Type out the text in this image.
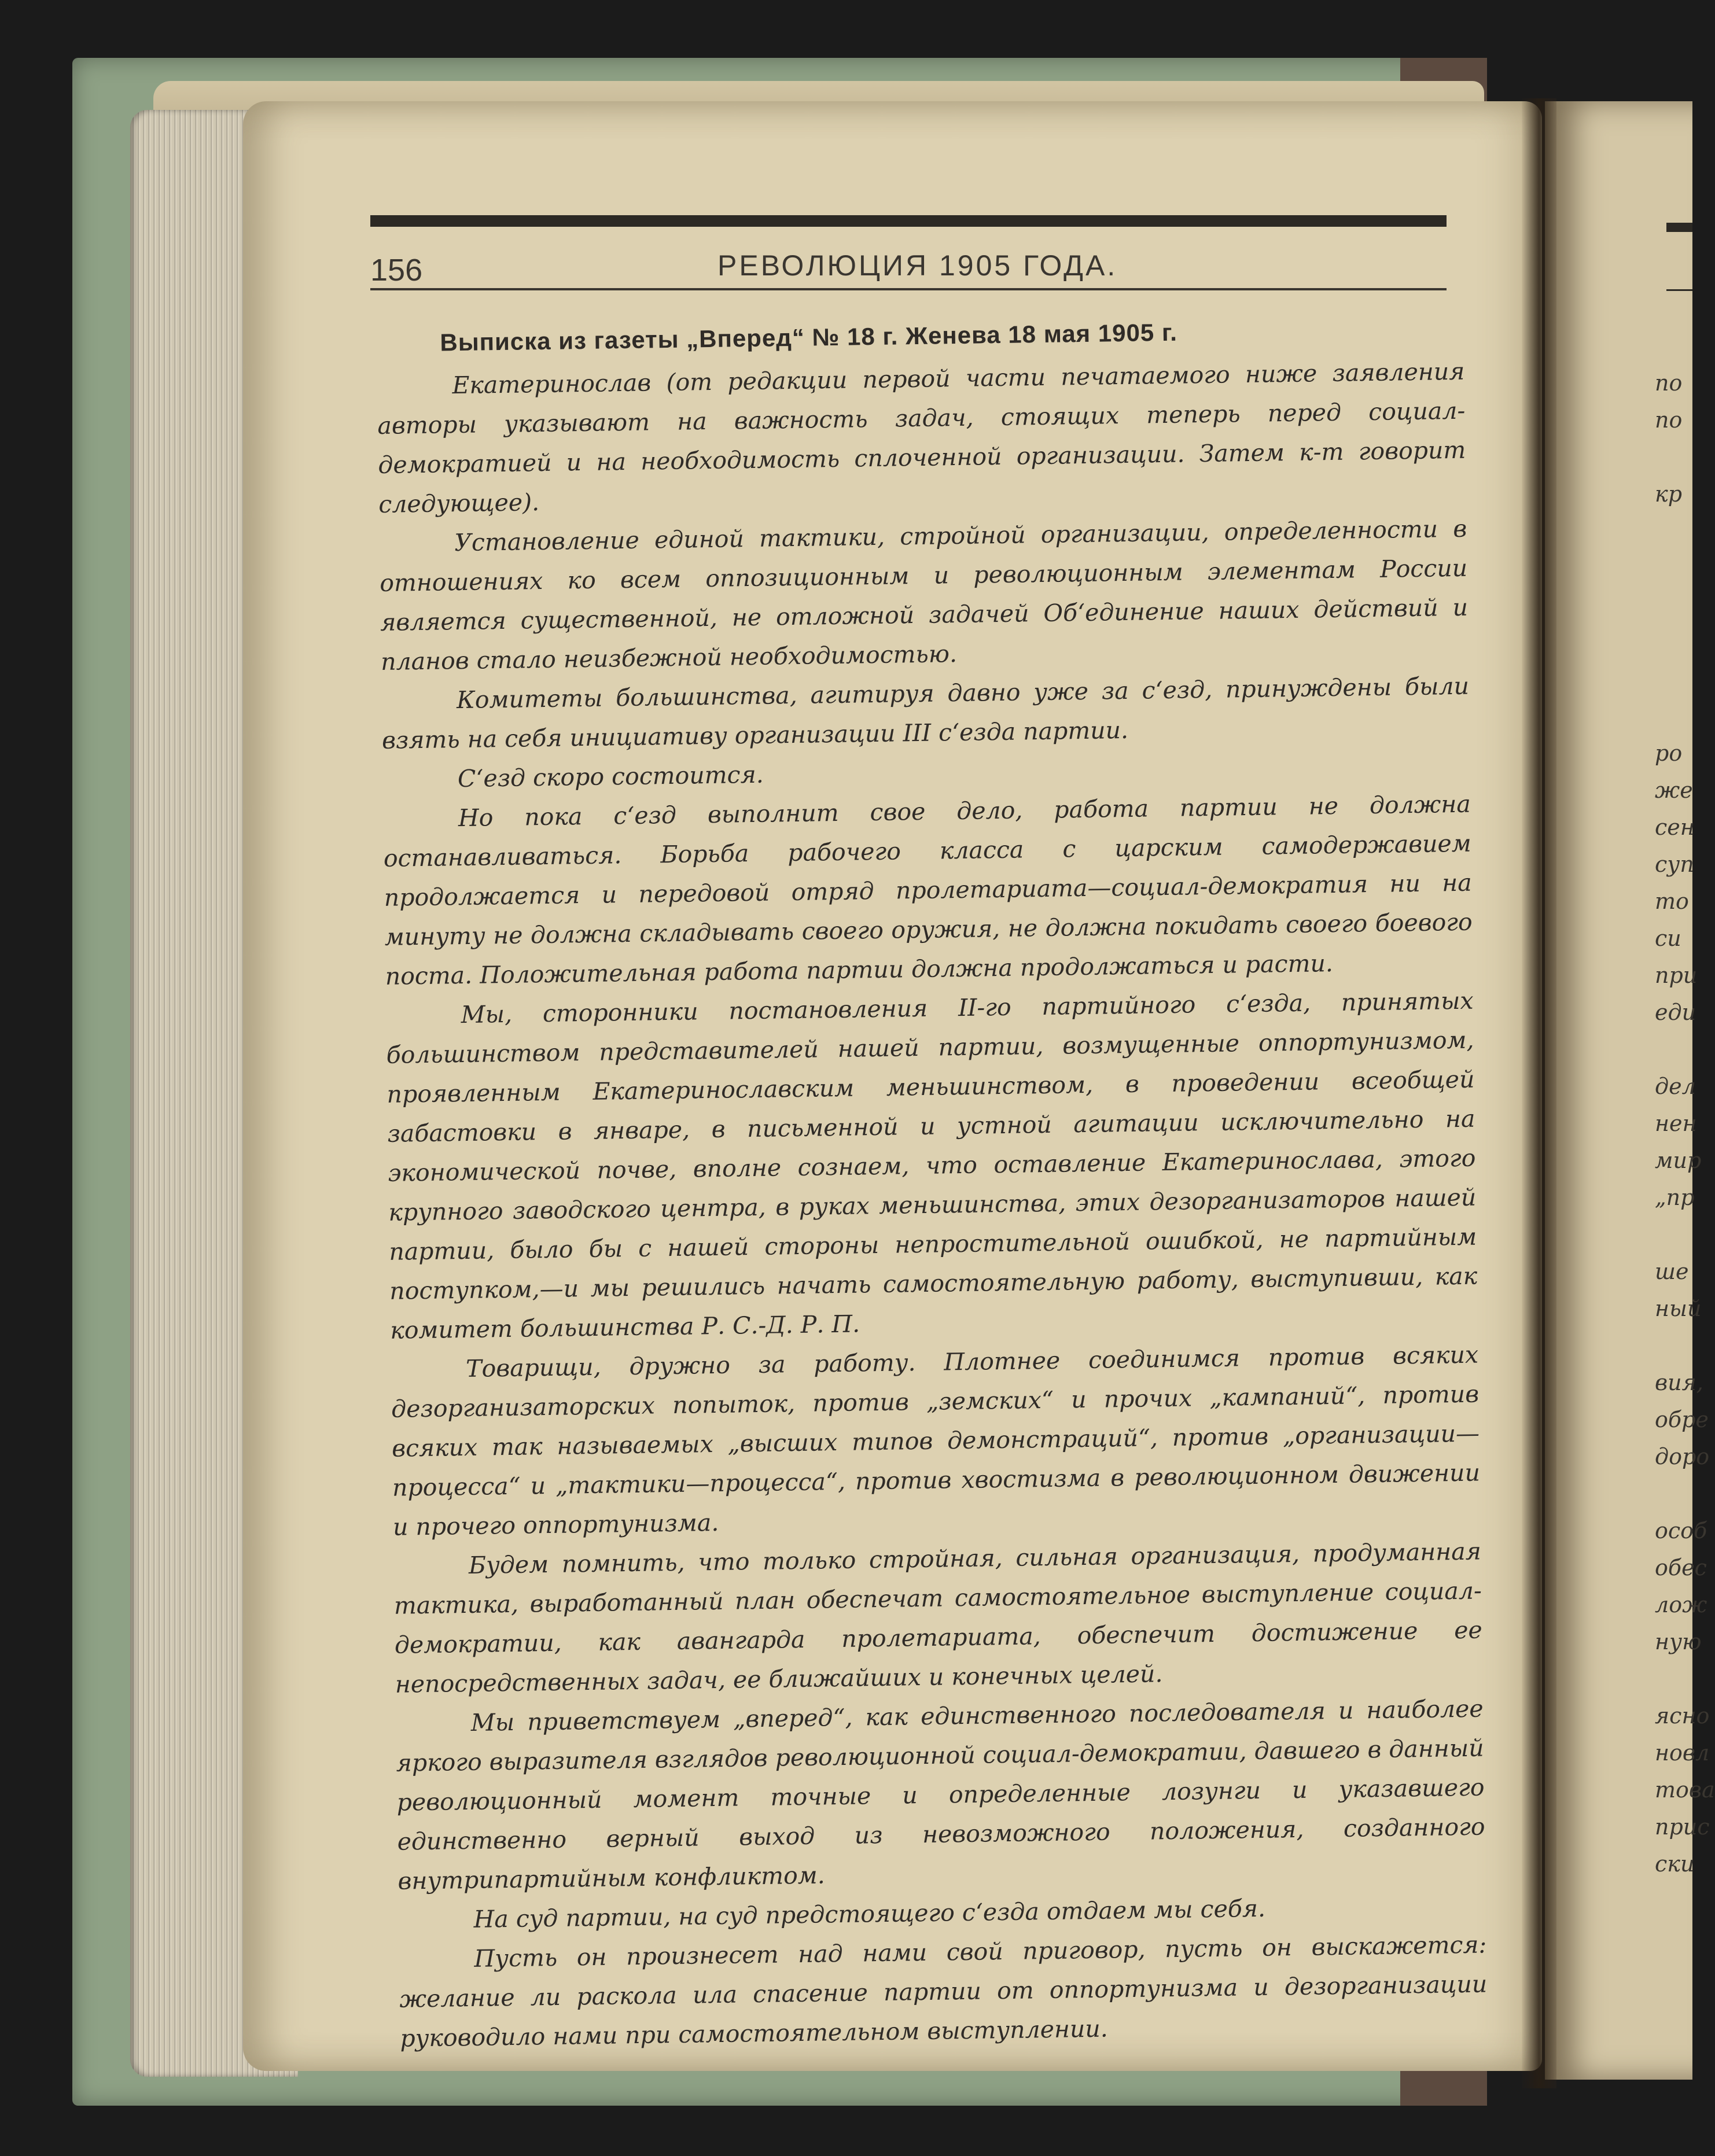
156	РЕВОЛЮЦИЯ 1905 ГОДА.

Выписка из газеты „Вперед“ № 18 г. Женева 18 мая 1905 г.

Екатеринослав (от редакции первой части печатаемого ниже заявления авторы указывают на важность задач, стоящих теперь перед социал-демократией и на необходимость сплоченной организации. Затем к-т говорит следующее).

Установление единой тактики, стройной организации, определенности в отношениях ко всем оппозиционным и революционным элементам России является существенной, не отложной задачей Об‘единение наших действий и планов стало неизбежной необходимостью.

Комитеты большинства, агитируя давно уже за с‘езд, принуждены были взять на себя инициативу организации III с‘езда партии.

С‘езд скоро состоится.

Но пока с‘езд выполнит свое дело, работа партии не должна останавливаться. Борьба рабочего класса с царским самодержавием продолжается и передовой отряд пролетариата—социал-демократия ни на минуту не должна складывать своего оружия, не должна покидать своего боевого поста. Положительная работа партии должна продолжаться и расти.

Мы, сторонники постановления II-го партийного с‘езда, принятых большинством представителей нашей партии, возмущенные оппортунизмом, проявленным Екатеринославским меньшинством, в проведении всеобщей забастовки в январе, в письменной и устной агитации исключительно на экономической почве, вполне сознаем, что оставление Екатеринослава, этого крупного заводского центра, в руках меньшинства, этих дезорганизаторов нашей партии, было бы с нашей стороны непростительной ошибкой, не партийным поступком,—и мы решились начать самостоятельную работу, выступивши, как комитет большинства Р. С.-Д. Р. П.

Товарищи, дружно за работу. Плотнее соединимся против всяких дезорганизаторских попыток, против „земских“ и прочих „кампаний“, против всяких так называемых „высших типов демонстраций“, против „организации—процесса“ и „тактики—процесса“, против хвостизма в революционном движении и прочего оппортунизма.

Будем помнить, что только стройная, сильная организация, продуманная тактика, выработанный план обеспечат самостоятельное выступление социал-демократии, как авангарда пролетариата, обеспечит достижение ее непосредственных задач, ее ближайших и конечных целей.

Мы приветствуем „вперед“, как единственного последователя и наиболее яркого выразителя взглядов революционной социал-демократии, давшего в данный революционный момент точные и определенные лозунги и указавшего единственно верный выход из невозможного положения, созданного внутрипартийным конфликтом.

На суд партии, на суд предстоящего с‘езда отдаем мы себя.

Пусть он произнесет над нами свой приговор, пусть он выскажется: желание ли раскола ила спасение партии от оппортунизма и дезорганизации руководило нами при самостоятельном выступлении.

по
по

кр

ро
же
сен
суп
то
си
при
еди

дел
нен
мир
„пр

ше
ный

вия,
обре
доро

особ
обес
лож
ную

ясно
новл
това
прис
ски
